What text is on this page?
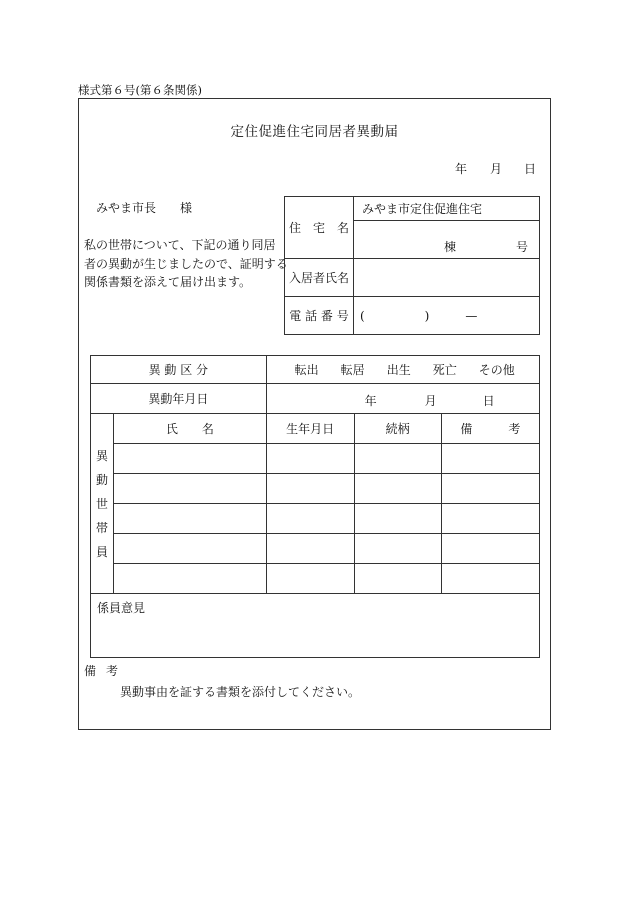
様式第６号(第６条関係)
定住促進住宅同居者異動届
年 月 日
みやま市長　　様
私の世帯について、下記の通り同居
者の異動が生じましたので、証明する
関係書類を添えて届け出ます。
住　宅　名	みやま市定住促進住宅

	棟 号

入居者氏名	
電 話 番 号	(　　　　　)　　　—
異 動 区 分		転出 転居 出生 死亡 その他		
異動年月日		年 月 日		

異
動
世
帯
員	氏　　名	生年月日	続柄	備　　　考

係員意見				
備考
異動事由を証する書類を添付してください。
